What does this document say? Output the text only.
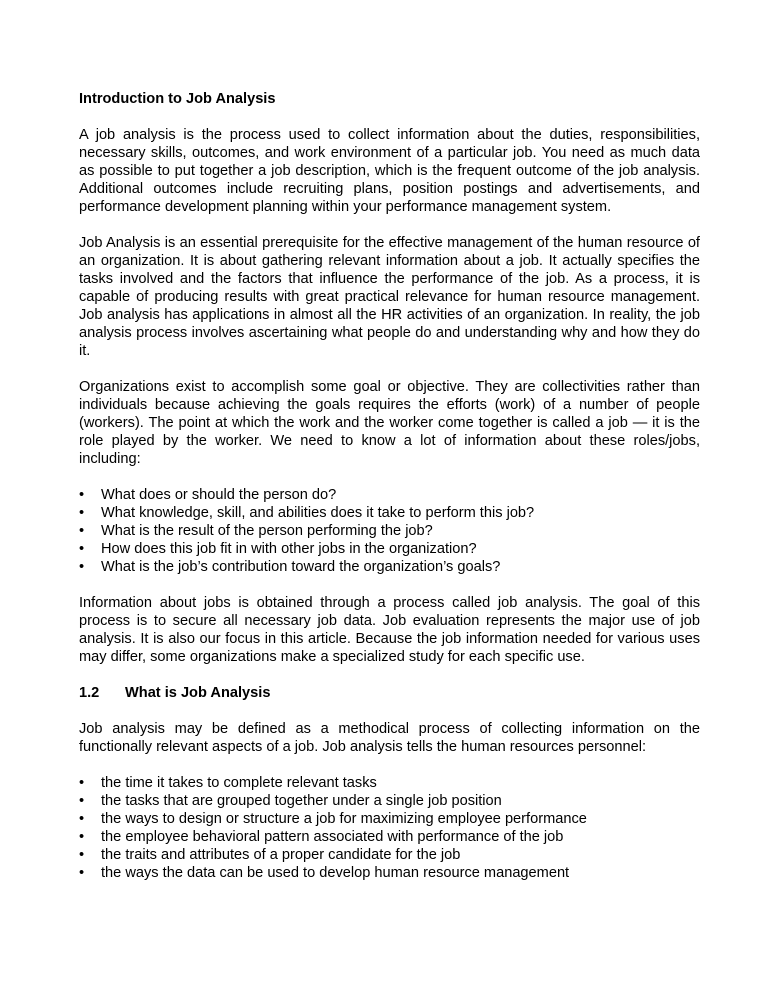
Introduction to Job Analysis

A job analysis is the process used to collect information about the duties, responsibilities, necessary skills, outcomes, and work environment of a particular job. You need as much data as possible to put together a job description, which is the frequent outcome of the job analysis. Additional outcomes include recruiting plans, position postings and advertisements, and performance development planning within your performance management system.

Job Analysis is an essential prerequisite for the effective management of the human resource of an organization. It is about gathering relevant information about a job. It actually specifies the tasks involved and the factors that influence the performance of the job. As a process, it is capable of producing results with great practical relevance for human resource management. Job analysis has applications in almost all the HR activities of an organization. In reality, the job analysis process involves ascertaining what people do and understanding why and how they do it.

Organizations exist to accomplish some goal or objective. They are collectivities rather than individuals because achieving the goals requires the efforts (work) of a number of people (workers). The point at which the work and the worker come together is called a job — it is the role played by the worker. We need to know a lot of information about these roles/jobs, including:

• What does or should the person do?
• What knowledge, skill, and abilities does it take to perform this job?
• What is the result of the person performing the job?
• How does this job fit in with other jobs in the organization?
• What is the job’s contribution toward the organization’s goals?

Information about jobs is obtained through a process called job analysis. The goal of this process is to secure all necessary job data. Job evaluation represents the major use of job analysis. It is also our focus in this article. Because the job information needed for various uses may differ, some organizations make a specialized study for each specific use.

1.2 What is Job Analysis

Job analysis may be defined as a methodical process of collecting information on the functionally relevant aspects of a job. Job analysis tells the human resources personnel:

• the time it takes to complete relevant tasks
• the tasks that are grouped together under a single job position
• the ways to design or structure a job for maximizing employee performance
• the employee behavioral pattern associated with performance of the job
• the traits and attributes of a proper candidate for the job
• the ways the data can be used to develop human resource management
